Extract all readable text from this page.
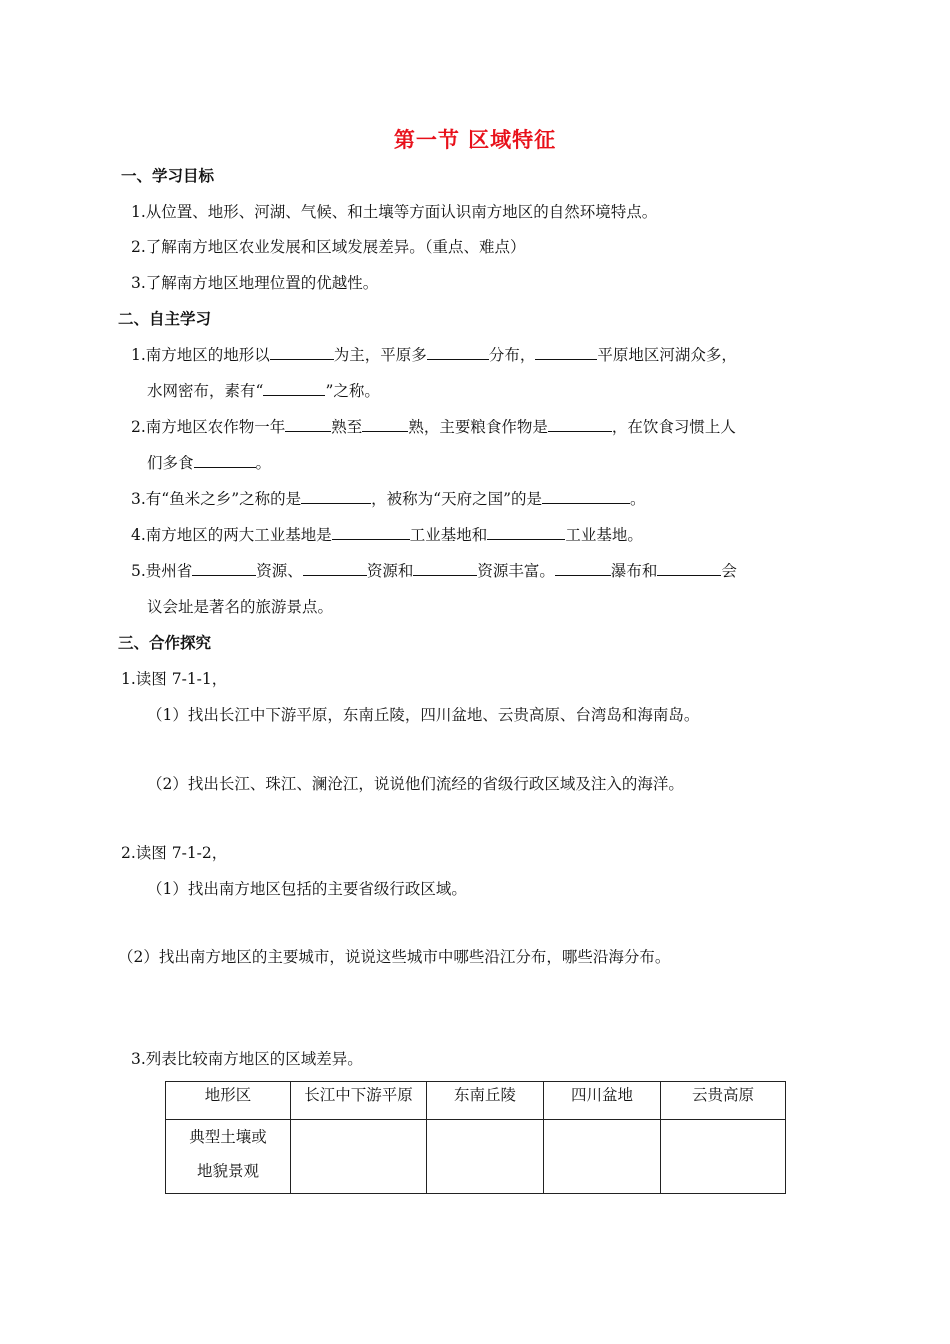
第一节 区域特征
一、学习目标
1.从位置、地形、河湖、气候、和土壤等方面认识南方地区的自然环境特点。
2.了解南方地区农业发展和区域发展差异。（重点、难点）
3.了解南方地区地理位置的优越性。
二、自主学习
1.南方地区的地形以	为主，平原多	分布，	平原地区河湖众多，
水网密布，素有“	”之称。
2.南方地区农作物一年	熟至	熟，主要粮食作物是	，在饮食习惯上人
们多食	。
3.有“鱼米之乡”之称的是	，被称为“天府之国”的是	。
4.南方地区的两大工业基地是	工业基地和	工业基地。
5.贵州省	资源、	资源和	资源丰富。	瀑布和	会
议会址是著名的旅游景点。
三、合作探究
1.读图 7-1-1，
（1）找出长江中下游平原，东南丘陵，四川盆地、云贵高原、台湾岛和海南岛。
（2）找出长江、珠江、澜沧江，说说他们流经的省级行政区域及注入的海洋。
2.读图 7-1-2，
（1）找出南方地区包括的主要省级行政区域。
（2）找出南方地区的主要城市，说说这些城市中哪些沿江分布，哪些沿海分布。
3.列表比较南方地区的区域差异。
地形区	长江中下游平原	东南丘陵	四川盆地	云贵高原

典型土壤或
地貌景观				
